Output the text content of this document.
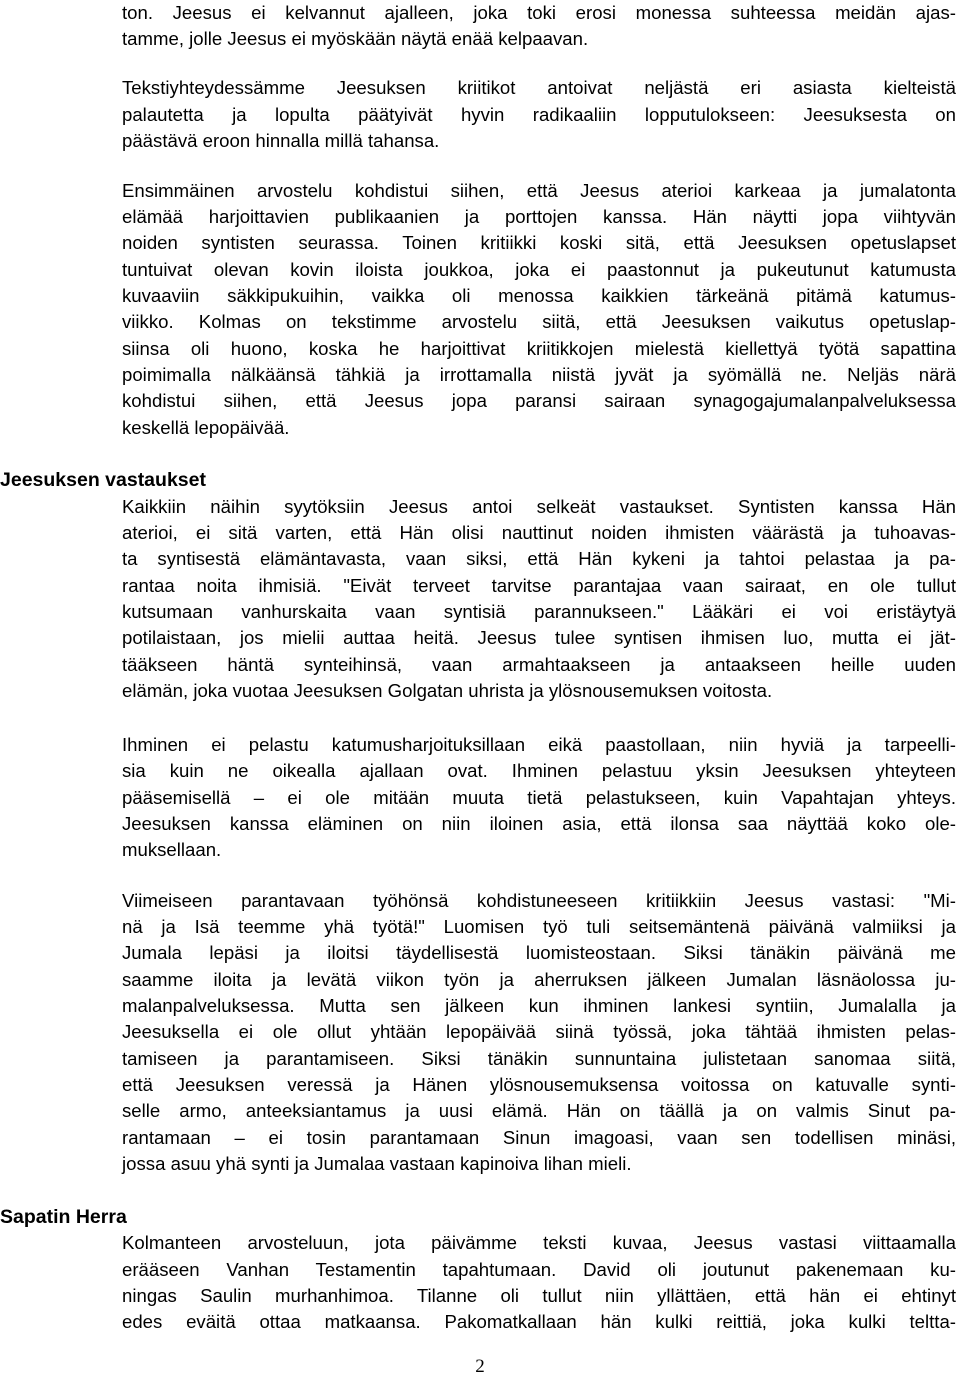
ton. Jeesus ei kelvannut ajalleen, joka toki erosi monessa suhteessa meidän ajas-
tamme, jolle Jeesus ei myöskään näytä enää kelpaavan.
Tekstiyhteydessämme Jeesuksen kriitikot antoivat neljästä eri asiasta kielteistä
palautetta ja lopulta päätyivät hyvin radikaaliin lopputulokseen: Jeesuksesta on
päästävä eroon hinnalla millä tahansa.
Ensimmäinen arvostelu kohdistui siihen, että Jeesus aterioi karkeaa ja jumalatonta
elämää harjoittavien publikaanien ja porttojen kanssa. Hän näytti jopa viihtyvän
noiden syntisten seurassa. Toinen kritiikki koski sitä, että Jeesuksen opetuslapset
tuntuivat olevan kovin iloista joukkoa, joka ei paastonnut ja pukeutunut katumusta
kuvaaviin säkkipukuihin, vaikka oli menossa kaikkien tärkeänä pitämä katumus-
viikko. Kolmas on tekstimme arvostelu siitä, että Jeesuksen vaikutus opetuslap-
siinsa oli huono, koska he harjoittivat kriitikkojen mielestä kiellettyä työtä sapattina
poimimalla nälkäänsä tähkiä ja irrottamalla niistä jyvät ja syömällä ne. Neljäs närä
kohdistui siihen, että Jeesus jopa paransi sairaan synagogajumalanpalveluksessa
keskellä lepopäivää.
Jeesuksen vastaukset
Kaikkiin näihin syytöksiin Jeesus antoi selkeät vastaukset. Syntisten kanssa Hän
aterioi, ei sitä varten, että Hän olisi nauttinut noiden ihmisten väärästä ja tuhoavas-
ta syntisestä elämäntavasta, vaan siksi, että Hän kykeni ja tahtoi pelastaa ja pa-
rantaa noita ihmisiä. "Eivät terveet tarvitse parantajaa vaan sairaat, en ole tullut
kutsumaan vanhurskaita vaan syntisiä parannukseen." Lääkäri ei voi eristäytyä
potilaistaan, jos mielii auttaa heitä. Jeesus tulee syntisen ihmisen luo, mutta ei jät-
tääkseen häntä synteihinsä, vaan armahtaakseen ja antaakseen heille uuden
elämän, joka vuotaa Jeesuksen Golgatan uhrista ja ylösnousemuksen voitosta.
Ihminen ei pelastu katumusharjoituksillaan eikä paastollaan, niin hyviä ja tarpeelli-
sia kuin ne oikealla ajallaan ovat. Ihminen pelastuu yksin Jeesuksen yhteyteen
pääsemisellä – ei ole mitään muuta tietä pelastukseen, kuin Vapahtajan yhteys.
Jeesuksen kanssa eläminen on niin iloinen asia, että ilonsa saa näyttää koko ole-
muksellaan.
Viimeiseen parantavaan työhönsä kohdistuneeseen kritiikkiin Jeesus vastasi: "Mi-
nä ja Isä teemme yhä työtä!" Luomisen työ tuli seitsemäntenä päivänä valmiiksi ja
Jumala lepäsi ja iloitsi täydellisestä luomisteostaan. Siksi tänäkin päivänä me
saamme iloita ja levätä viikon työn ja aherruksen jälkeen Jumalan läsnäolossa ju-
malanpalveluksessa. Mutta sen jälkeen kun ihminen lankesi syntiin, Jumalalla ja
Jeesuksella ei ole ollut yhtään lepopäivää siinä työssä, joka tähtää ihmisten pelas-
tamiseen ja parantamiseen. Siksi tänäkin sunnuntaina julistetaan sanomaa siitä,
että Jeesuksen veressä ja Hänen ylösnousemuksensa voitossa on katuvalle synti-
selle armo, anteeksiantamus ja uusi elämä. Hän on täällä ja on valmis Sinut pa-
rantamaan – ei tosin parantamaan Sinun imagoasi, vaan sen todellisen minäsi,
jossa asuu yhä synti ja Jumalaa vastaan kapinoiva lihan mieli.
Sapatin Herra
Kolmanteen arvosteluun, jota päivämme teksti kuvaa, Jeesus vastasi viittaamalla
erääseen Vanhan Testamentin tapahtumaan. David oli joutunut pakenemaan ku-
ningas Saulin murhanhimoa. Tilanne oli tullut niin yllättäen, että hän ei ehtinyt
edes eväitä ottaa matkaansa. Pakomatkallaan hän kulki reittiä, joka kulki teltta-
2
